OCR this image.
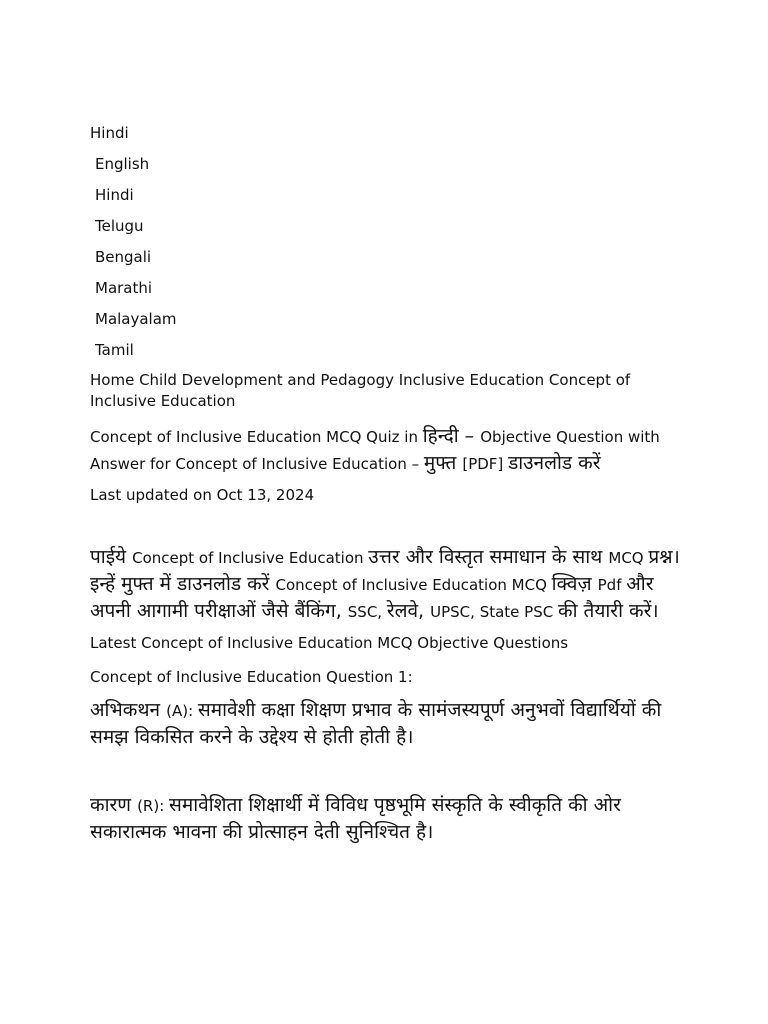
Hindi
English
Hindi
Telugu
Bengali
Marathi
Malayalam
Tamil
Home Child Development and Pedagogy Inclusive Education Concept of Inclusive Education
Concept of Inclusive Education MCQ Quiz in हिन्दी – Objective Question with Answer for Concept of Inclusive Education – मुफ्त [PDF] डाउनलोड करें
Last updated on Oct 13, 2024

पाईये Concept of Inclusive Education उत्तर और विस्तृत समाधान के साथ MCQ प्रश्न। इन्हें मुफ्त में डाउनलोड करें Concept of Inclusive Education MCQ क्विज़ Pdf और अपनी आगामी परीक्षाओं जैसे बैंकिंग, SSC, रेलवे, UPSC, State PSC की तैयारी करें।

Latest Concept of Inclusive Education MCQ Objective Questions
Concept of Inclusive Education Question 1:
अभिकथन (A): समावेशी कक्षा शिक्षण प्रभाव के सामंजस्यपूर्ण अनुभवों विद्यार्थियों की समझ विकसित करने के उद्देश्य से होती होती है।
कारण (R): समावेशिता शिक्षार्थी में विविध पृष्ठभूमि संस्कृति के स्वीकृति की ओर सकारात्मक भावना की प्रोत्साहन देती सुनिश्चित है।
